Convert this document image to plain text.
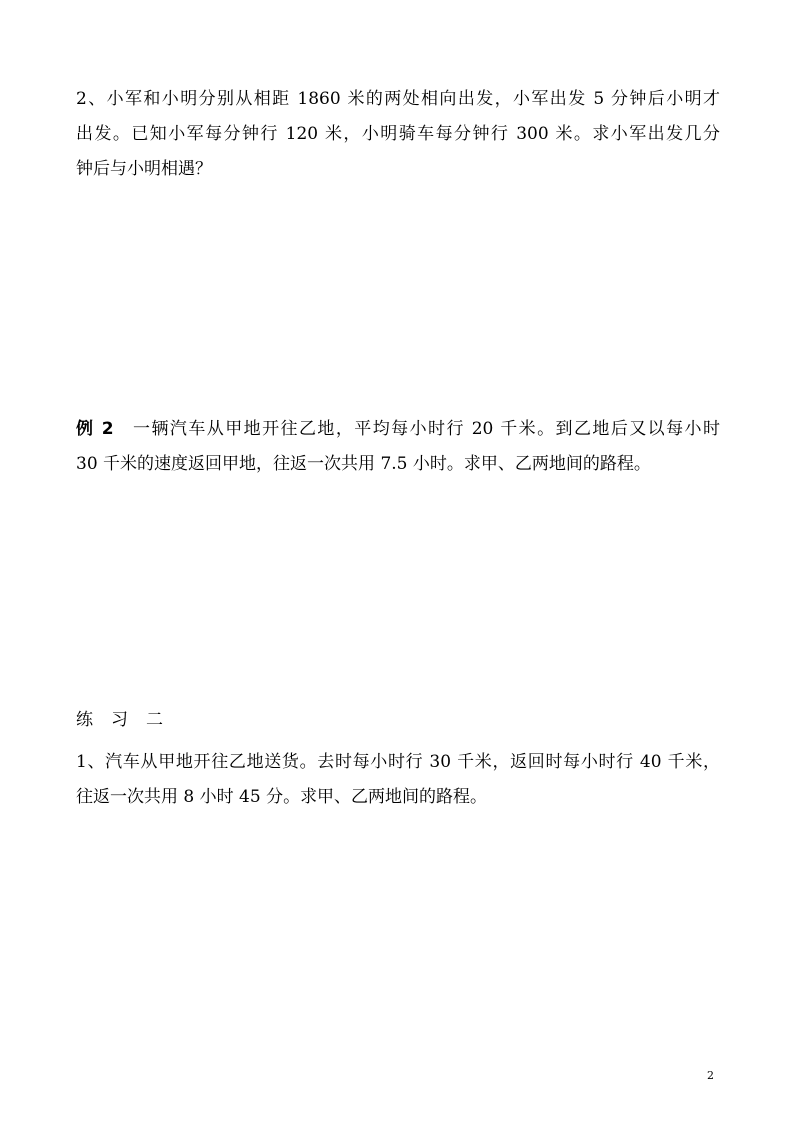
2、小军和小明分别从相距 1860 米的两处相向出发，小军出发 5 分钟后小明才
出发。已知小军每分钟行 120 米，小明骑车每分钟行 300 米。求小军出发几分
钟后与小明相遇？
例 2 一辆汽车从甲地开往乙地，平均每小时行 20 千米。到乙地后又以每小时
30 千米的速度返回甲地，往返一次共用 7.5 小时。求甲、乙两地间的路程。
练习二
1、汽车从甲地开往乙地送货。去时每小时行 30 千米，返回时每小时行 40 千米，
往返一次共用 8 小时 45 分。求甲、乙两地间的路程。
2
